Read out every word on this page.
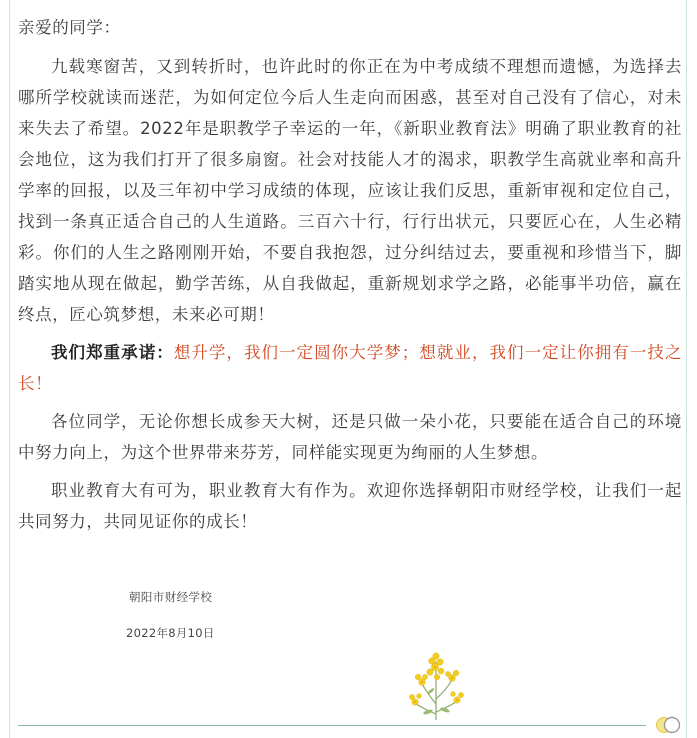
亲爱的同学：

九载寒窗苦，又到转折时，也许此时的你正在为中考成绩不理想而遗憾，为选择去哪所学校就读而迷茫，为如何定位今后人生走向而困惑，甚至对自己没有了信心，对未来失去了希望。2022年是职教学子幸运的一年，《新职业教育法》明确了职业教育的社会地位，这为我们打开了很多扇窗。社会对技能人才的渴求，职教学生高就业率和高升学率的回报，以及三年初中学习成绩的体现，应该让我们反思，重新审视和定位自己，找到一条真正适合自己的人生道路。三百六十行，行行出状元，只要匠心在，人生必精彩。你们的人生之路刚刚开始，不要自我抱怨，过分纠结过去，要重视和珍惜当下，脚踏实地从现在做起，勤学苦练，从自我做起，重新规划求学之路，必能事半功倍，赢在终点，匠心筑梦想，未来必可期！

我们郑重承诺：想升学，我们一定圆你大学梦；想就业，我们一定让你拥有一技之长！

各位同学，无论你想长成参天大树，还是只做一朵小花，只要能在适合自己的环境中努力向上，为这个世界带来芬芳，同样能实现更为绚丽的人生梦想。

职业教育大有可为，职业教育大有作为。欢迎你选择朝阳市财经学校，让我们一起共同努力，共同见证你的成长！

朝阳市财经学校
2022年8月10日
